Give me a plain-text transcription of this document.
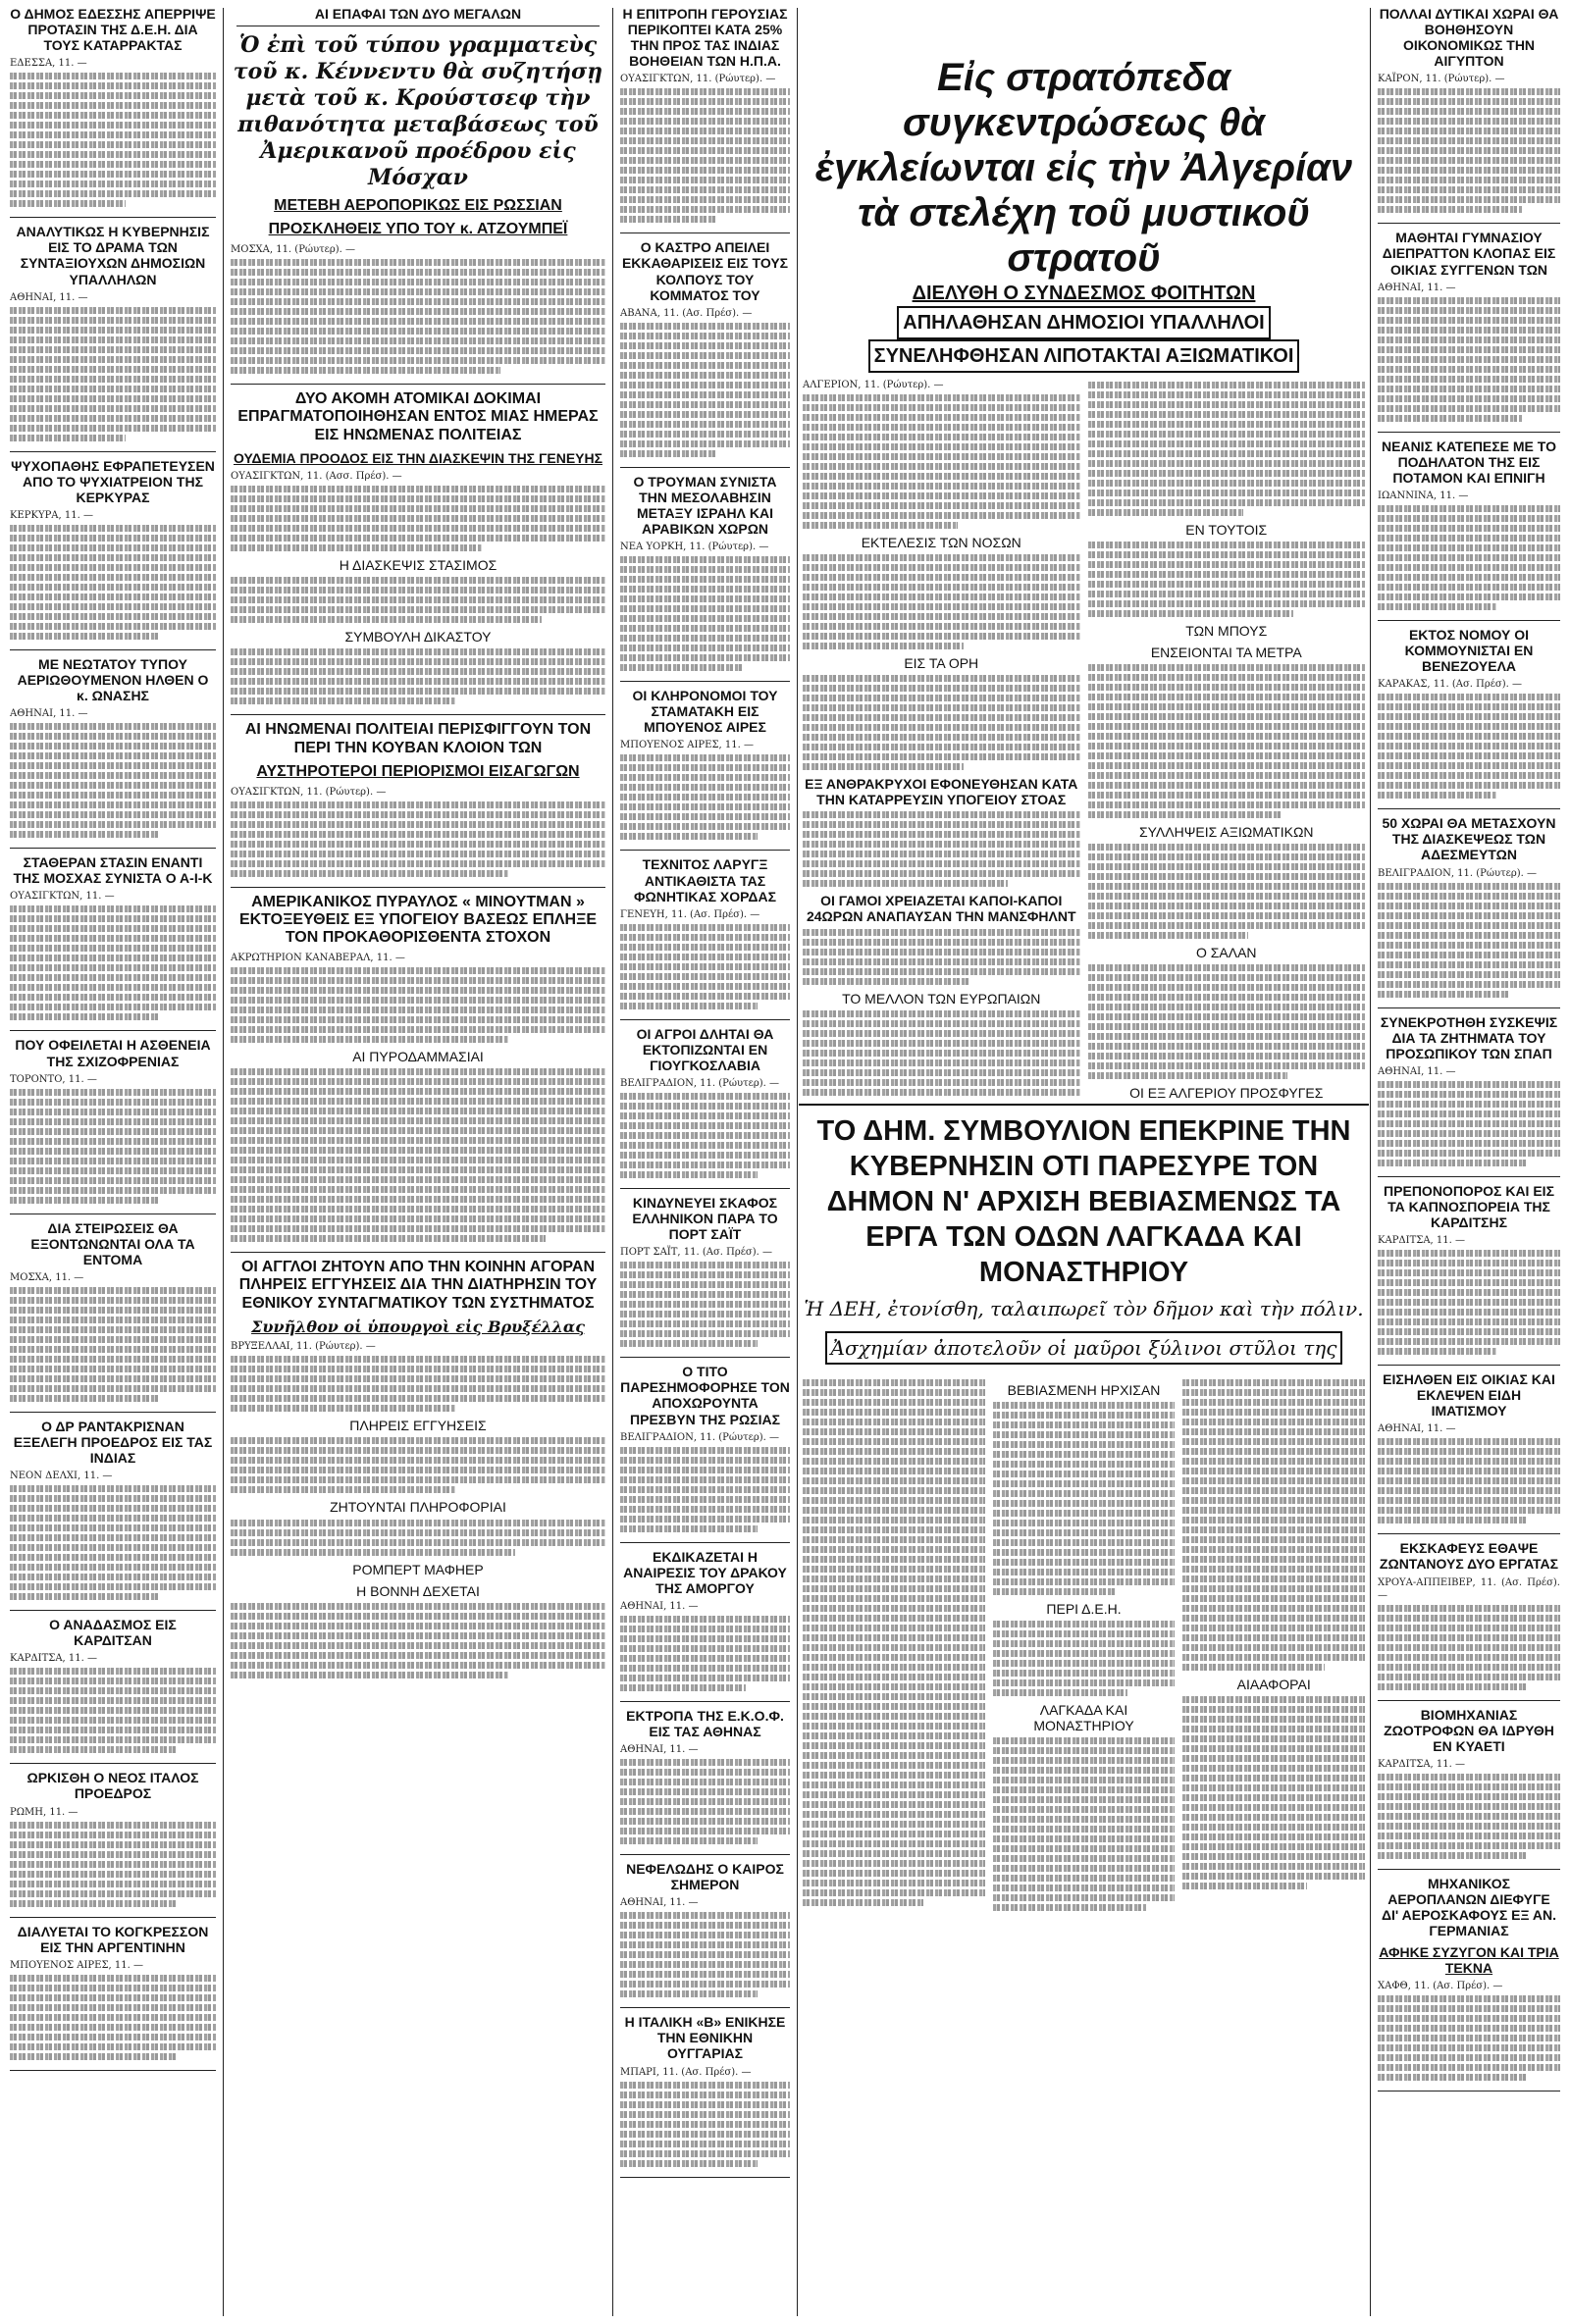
Ο ΔΗΜΟΣ ΕΔΕΣΣΗΣ ΑΠΕΡΡΙΨΕ ΠΡΟΤΑΣΙΝ ΤΗΣ Δ.Ε.Η. ΔΙΑ ΤΟΥΣ ΚΑΤΑΡΡΑΚΤΑΣ
ΕΔΕΣΣΑ, 11. —
ΑΝΑΛΥΤΙΚΩΣ Η ΚΥΒΕΡΝΗΣΙΣ ΕΙΣ ΤΟ ΔΡΑΜΑ ΤΩΝ ΣΥΝΤΑΞΙΟΥΧΩΝ ΔΗΜΟΣΙΩΝ ΥΠΑΛΛΗΛΩΝ
ΑΘΗΝΑΙ, 11. —
ΨΥΧΟΠΑΘΗΣ ΕΦΡΑΠΕΤΕΥΣΕΝ ΑΠΟ ΤΟ ΨΥΧΙΑΤΡΕΙΟΝ ΤΗΣ ΚΕΡΚΥΡΑΣ
ΚΕΡΚΥΡΑ, 11. —
ΜΕ ΝΕΩΤΑΤΟΥ ΤΥΠΟΥ ΑΕΡΙΩΘΟΥΜΕΝΟΝ ΗΛΘΕΝ Ο κ. ΩΝΑΣΗΣ
ΑΘΗΝΑΙ, 11. —
ΣΤΑΘΕΡΑΝ ΣΤΑΣΙΝ ΕΝΑΝΤΙ ΤΗΣ ΜΟΣΧΑΣ ΣΥΝΙΣΤΑ Ο Α-Ι-Κ
ΟΥΑΣΙΓΚΤΩΝ, 11. —
ΠΟΥ ΟΦΕΙΛΕΤΑΙ Η ΑΣΘΕΝΕΙΑ ΤΗΣ ΣΧΙΖΟΦΡΕΝΙΑΣ
ΤΟΡΟΝΤΟ, 11. —
ΔΙΑ ΣΤΕΙΡΩΣΕΙΣ ΘΑ ΕΞΟΝΤΩΝΩΝΤΑΙ ΟΛΑ ΤΑ ΕΝΤΟΜΑ
ΜΟΣΧΑ, 11. —
Ο ΔΡ ΡΑΝΤΑΚΡΙΣΝΑΝ ΕΞΕΛΕΓΗ ΠΡΟΕΔΡΟΣ ΕΙΣ ΤΑΣ ΙΝΔΙΑΣ
ΝΕΟΝ ΔΕΛΧΙ, 11. —
Ο ΑΝΑΔΑΣΜΟΣ ΕΙΣ ΚΑΡΔΙΤΣΑΝ
ΚΑΡΔΙΤΣΑ, 11. —
ΩΡΚΙΣΘΗ Ο ΝΕΟΣ ΙΤΑΛΟΣ ΠΡΟΕΔΡΟΣ
ΡΩΜΗ, 11. —
ΔΙΑΛΥΕΤΑΙ ΤΟ ΚΟΓΚΡΕΣΣΟΝ ΕΙΣ ΤΗΝ ΑΡΓΕΝΤΙΝΗΝ
ΜΠΟΥΕΝΟΣ ΑΙΡΕΣ, 11. —
ΑΙ ΕΠΑΦΑΙ ΤΩΝ ΔΥΟ ΜΕΓΑΛΩΝ
Ὁ ἐπὶ τοῦ τύπου γραμματεὺς τοῦ κ. Κέννεντυ θὰ συζητήσῃ μετὰ τοῦ κ. Κρούστσεφ τὴν πιθανότητα μεταβάσεως τοῦ Ἀμερικανοῦ προέδρου εἰς Μόσχαν
ΜΕΤΕΒΗ ΑΕΡΟΠΟΡΙΚΩΣ ΕΙΣ ΡΩΣΣΙΑΝ
ΠΡΟΣΚΛΗΘΕΙΣ ΥΠΟ ΤΟΥ κ. ΑΤΖΟΥΜΠΕΪ
ΜΟΣΧΑ, 11. (Ρώυτερ). —
ΔΥΟ ΑΚΟΜΗ ΑΤΟΜΙΚΑΙ ΔΟΚΙΜΑΙ ΕΠΡΑΓΜΑΤΟΠΟΙΗΘΗΣΑΝ ΕΝΤΟΣ ΜΙΑΣ ΗΜΕΡΑΣ ΕΙΣ ΗΝΩΜΕΝΑΣ ΠΟΛΙΤΕΙΑΣ
ΟΥΔΕΜΙΑ ΠΡΟΟΔΟΣ ΕΙΣ ΤΗΝ ΔΙΑΣΚΕΨΙΝ ΤΗΣ ΓΕΝΕΥΗΣ
ΟΥΑΣΙΓΚΤΩΝ, 11. (Ασσ. Πρέσ). —
Η ΔΙΑΣΚΕΨΙΣ ΣΤΑΣΙΜΟΣ
ΣΥΜΒΟΥΛΗ ΔΙΚΑΣΤΟΥ
ΑΙ ΗΝΩΜΕΝΑΙ ΠΟΛΙΤΕΙΑΙ ΠΕΡΙΣΦΙΓΓΟΥΝ ΤΟΝ ΠΕΡΙ ΤΗΝ ΚΟΥΒΑΝ ΚΛΟΙΟΝ ΤΩΝ
ΑΥΣΤΗΡΟΤΕΡΟΙ ΠΕΡΙΟΡΙΣΜΟΙ ΕΙΣΑΓΩΓΩΝ
ΟΥΑΣΙΓΚΤΩΝ, 11. (Ρώυτερ). —
ΑΜΕΡΙΚΑΝΙΚΟΣ ΠΥΡΑΥΛΟΣ « ΜΙΝΟΥΤΜΑΝ » ΕΚΤΟΞΕΥΘΕΙΣ ΕΞ ΥΠΟΓΕΙΟΥ ΒΑΣΕΩΣ ΕΠΛΗΞΕ ΤΟΝ ΠΡΟΚΑΘΟΡΙΣΘΕΝΤΑ ΣΤΟΧΟΝ
ΑΚΡΩΤΗΡΙΟΝ ΚΑΝΑΒΕΡΑΛ, 11. —
ΑΙ ΠΥΡΟΔΑΜΜΑΣΙΑΙ
ΟΙ ΑΓΓΛΟΙ ΖΗΤΟΥΝ ΑΠΟ ΤΗΝ ΚΟΙΝΗΝ ΑΓΟΡΑΝ ΠΛΗΡΕΙΣ ΕΓΓΥΗΣΕΙΣ ΔΙΑ ΤΗΝ ΔΙΑΤΗΡΗΣΙΝ ΤΟΥ ΕΘΝΙΚΟΥ ΣΥΝΤΑΓΜΑΤΙΚΟΥ ΤΩΝ ΣΥΣΤΗΜΑΤΟΣ
Συνῆλθον οἱ ὑπουργοὶ εἰς Βρυξέλλας
ΒΡΥΞΕΛΛΑΙ, 11. (Ρώυτερ). —
ΠΛΗΡΕΙΣ ΕΓΓΥΗΣΕΙΣ
ΖΗΤΟΥΝΤΑΙ ΠΛΗΡΟΦΟΡΙΑΙ
ΡΟΜΠΕΡΤ ΜΑΦΗΕΡ
Η ΒΟΝΝΗ ΔΕΧΕΤΑΙ
Η ΕΠΙΤΡΟΠΗ ΓΕΡΟΥΣΙΑΣ ΠΕΡΙΚΟΠΤΕΙ ΚΑΤΑ 25% ΤΗΝ ΠΡΟΣ ΤΑΣ ΙΝΔΙΑΣ ΒΟΗΘΕΙΑΝ ΤΩΝ Η.Π.Α.
ΟΥΑΣΙΓΚΤΩΝ, 11. (Ρώυτερ). —
Ο ΚΑΣΤΡΟ ΑΠΕΙΛΕΙ ΕΚΚΑΘΑΡΙΣΕΙΣ ΕΙΣ ΤΟΥΣ ΚΟΛΠΟΥΣ ΤΟΥ ΚΟΜΜΑΤΟΣ ΤΟΥ
ΑΒΑΝΑ, 11. (Ασ. Πρέσ). —
Ο ΤΡΟΥΜΑΝ ΣΥΝΙΣΤΑ ΤΗΝ ΜΕΣΟΛΑΒΗΣΙΝ ΜΕΤΑΞΥ ΙΣΡΑΗΛ ΚΑΙ ΑΡΑΒΙΚΩΝ ΧΩΡΩΝ
ΝΕΑ ΥΟΡΚΗ, 11. (Ρώυτερ). —
ΟΙ ΚΛΗΡΟΝΟΜΟΙ ΤΟΥ ΣΤΑΜΑΤΑΚΗ ΕΙΣ ΜΠΟΥΕΝΟΣ ΑΙΡΕΣ
ΜΠΟΥΕΝΟΣ ΑΙΡΕΣ, 11. —
ΤΕΧΝΙΤΟΣ ΛΑΡΥΓΞ ΑΝΤΙΚΑΘΙΣΤΑ ΤΑΣ ΦΩΝΗΤΙΚΑΣ ΧΟΡΔΑΣ
ΓΕΝΕΥΗ, 11. (Ασ. Πρέσ). —
ΟΙ ΑΓΡΟΙ ΔΛΗΤΑΙ ΘΑ ΕΚΤΟΠΙΖΩΝΤΑΙ ΕΝ ΓΙΟΥΓΚΟΣΛΑΒΙΑ
ΒΕΛΙΓΡΑΔΙΟΝ, 11. (Ρώυτερ). —
ΚΙΝΔΥΝΕΥΕΙ ΣΚΑΦΟΣ ΕΛΛΗΝΙΚΟΝ ΠΑΡΑ ΤΟ ΠΟΡΤ ΣΑΪΤ
ΠΟΡΤ ΣΑΪΤ, 11. (Ασ. Πρέσ). —
Ο ΤΙΤΟ ΠΑΡΕΣΗΜΟΦΟΡΗΣΕ ΤΟΝ ΑΠΟΧΩΡΟΥΝΤΑ ΠΡΕΣΒΥΝ ΤΗΣ ΡΩΣΙΑΣ
ΒΕΛΙΓΡΑΔΙΟΝ, 11. (Ρώυτερ). —
ΕΚΔΙΚΑΖΕΤΑΙ Η ΑΝΑΙΡΕΣΙΣ ΤΟΥ ΔΡΑΚΟΥ ΤΗΣ ΑΜΟΡΓΟΥ
ΑΘΗΝΑΙ, 11. —
ΕΚΤΡΟΠΑ ΤΗΣ Ε.Κ.Ο.Φ. ΕΙΣ ΤΑΣ ΑΘΗΝΑΣ
ΑΘΗΝΑΙ, 11. —
ΝΕΦΕΛΩΔΗΣ Ο ΚΑΙΡΟΣ ΣΗΜΕΡΟΝ
ΑΘΗΝΑΙ, 11. —
Η ΙΤΑΛΙΚΗ «Β» ΕΝΙΚΗΣΕ ΤΗΝ ΕΘΝΙΚΗΝ ΟΥΓΓΑΡΙΑΣ
ΜΠΑΡΙ, 11. (Ασ. Πρέσ). —
Εἰς στρατόπεδα συγκεντρώσεως θὰ ἐγκλείωνται εἰς τὴν Ἀλγερίαν τὰ στελέχη τοῦ μυστικοῦ στρατοῦ
ΔΙΕΛΥΘΗ Ο ΣΥΝΔΕΣΜΟΣ ΦΟΙΤΗΤΩΝ
ΑΠΗΛΑΘΗΣΑΝ ΔΗΜΟΣΙΟΙ ΥΠΑΛΛΗΛΟΙ
ΣΥΝΕΛΗΦΘΗΣΑΝ ΛΙΠΟΤΑΚΤΑΙ ΑΞΙΩΜΑΤΙΚΟΙ
ΑΛΓΕΡΙΟΝ, 11. (Ρώυτερ). —
ΕΚΤΕΛΕΣΙΣ ΤΩΝ ΝΟΣΩΝ
ΕΙΣ ΤΑ ΟΡΗ
ΕΞ ΑΝΘΡΑΚΡΥΧΟΙ ΕΦΟΝΕΥΘΗΣΑΝ ΚΑΤΑ ΤΗΝ ΚΑΤΑΡΡΕΥΣΙΝ ΥΠΟΓΕΙΟΥ ΣΤΟΑΣ
ΟΙ ΓΑΜΟΙ ΧΡΕΙΑΖΕΤΑΙ ΚΑΠΟΙ-ΚΑΠΟΙ 24ΩΡΩΝ ΑΝΑΠΑΥΣΑΝ ΤΗΝ ΜΑΝΣΦΗΛΝΤ
ΤΟ ΜΕΛΛΟΝ ΤΩΝ ΕΥΡΩΠΑΙΩΝ
ΕΝ ΤΟΥΤΟΙΣ
ΤΩΝ ΜΠΟΥΣ
ΕΝΣΕΙΟΝΤΑΙ ΤΑ ΜΕΤΡΑ
ΣΥΛΛΗΨΕΙΣ ΑΞΙΩΜΑΤΙΚΩΝ
Ο ΣΑΛΑΝ
ΟΙ ΕΞ ΑΛΓΕΡΙΟΥ ΠΡΟΣΦΥΓΕΣ
ΤΟ ΔΗΜ. ΣΥΜΒΟΥΛΙΟΝ ΕΠΕΚΡΙΝΕ ΤΗΝ ΚΥΒΕΡΝΗΣΙΝ ΟΤΙ ΠΑΡΕΣΥΡΕ ΤΟΝ ΔΗΜΟΝ Ν' ΑΡΧΙΣΗ ΒΕΒΙΑΣΜΕΝΩΣ ΤΑ ΕΡΓΑ ΤΩΝ ΟΔΩΝ ΛΑΓΚΑΔΑ ΚΑΙ ΜΟΝΑΣΤΗΡΙΟΥ
Ἡ ΔΕΗ, ἐτονίσθη, ταλαιπωρεῖ τὸν δῆμον καὶ τὴν πόλιν.
Ἀσχημίαν ἀποτελοῦν οἱ μαῦροι ξύλινοι στῦλοι της
ΒΕΒΙΑΣΜΕΝΗ ΗΡΧΙΣΑΝ
ΠΕΡΙ Δ.Ε.Η.
ΛΑΓΚΑΔΑ ΚΑΙ ΜΟΝΑΣΤΗΡΙΟΥ
ΑΙΑΑΦΟΡΑΙ
ΠΟΛΛΑΙ ΔΥΤΙΚΑΙ ΧΩΡΑΙ ΘΑ ΒΟΗΘΗΣΟΥΝ ΟΙΚΟΝΟΜΙΚΩΣ ΤΗΝ ΑΙΓΥΠΤΟΝ
ΚΑΪΡΟΝ, 11. (Ρώυτερ). —
ΜΑΘΗΤΑΙ ΓΥΜΝΑΣΙΟΥ ΔΙΕΠΡΑΤΤΟΝ ΚΛΟΠΑΣ ΕΙΣ ΟΙΚΙΑΣ ΣΥΓΓΕΝΩΝ ΤΩΝ
ΑΘΗΝΑΙ, 11. —
ΝΕΑΝΙΣ ΚΑΤΕΠΕΣΕ ΜΕ ΤΟ ΠΟΔΗΛΑΤΟΝ ΤΗΣ ΕΙΣ ΠΟΤΑΜΟΝ ΚΑΙ ΕΠΝΙΓΗ
ΙΩΑΝΝΙΝΑ, 11. —
ΕΚΤΟΣ ΝΟΜΟΥ ΟΙ ΚΟΜΜΟΥΝΙΣΤΑΙ ΕΝ ΒΕΝΕΖΟΥΕΛΑ
ΚΑΡΑΚΑΣ, 11. (Ασ. Πρέσ). —
50 ΧΩΡΑΙ ΘΑ ΜΕΤΑΣΧΟΥΝ ΤΗΣ ΔΙΑΣΚΕΨΕΩΣ ΤΩΝ ΑΔΕΣΜΕΥΤΩΝ
ΒΕΛΙΓΡΑΔΙΟΝ, 11. (Ρώυτερ). —
ΣΥΝΕΚΡΟΤΗΘΗ ΣΥΣΚΕΨΙΣ ΔΙΑ ΤΑ ΖΗΤΗΜΑΤΑ ΤΟΥ ΠΡΟΣΩΠΙΚΟΥ ΤΩΝ ΣΠΑΠ
ΑΘΗΝΑΙ, 11. —
ΠΡΕΠΟΝΟΠΟΡΟΣ ΚΑΙ ΕΙΣ ΤΑ ΚΑΠΝΟΣΠΟΡΕΙΑ ΤΗΣ ΚΑΡΔΙΤΣΗΣ
ΚΑΡΔΙΤΣΑ, 11. —
ΕΙΣΗΛΘΕΝ ΕΙΣ ΟΙΚΙΑΣ ΚΑΙ ΕΚΛΕΨΕΝ ΕΙΔΗ ΙΜΑΤΙΣΜΟΥ
ΑΘΗΝΑΙ, 11. —
ΕΚΣΚΑΦΕΥΣ ΕΘΑΨΕ ΖΩΝΤΑΝΟΥΣ ΔΥΟ ΕΡΓΑΤΑΣ
ΧΡΟΥΑ-ΑΠΠΕΙΒΕΡ, 11. (Ασ. Πρέσ). —
ΒΙΟΜΗΧΑΝΙΑΣ ΖΩΟΤΡΟΦΩΝ ΘΑ ΙΔΡΥΘΗ ΕΝ ΚΥΑΕΤΙ
ΚΑΡΔΙΤΣΑ, 11. —
ΜΗΧΑΝΙΚΟΣ ΑΕΡΟΠΛΑΝΩΝ ΔΙΕΦΥΓΕ ΔΙ' ΑΕΡΟΣΚΑΦΟΥΣ ΕΞ ΑΝ. ΓΕΡΜΑΝΙΑΣ
ΑΦΗΚΕ ΣΥΖΥΓΟΝ ΚΑΙ ΤΡΙΑ ΤΕΚΝΑ
ΧΑΦΘ, 11. (Ασ. Πρέσ). —
